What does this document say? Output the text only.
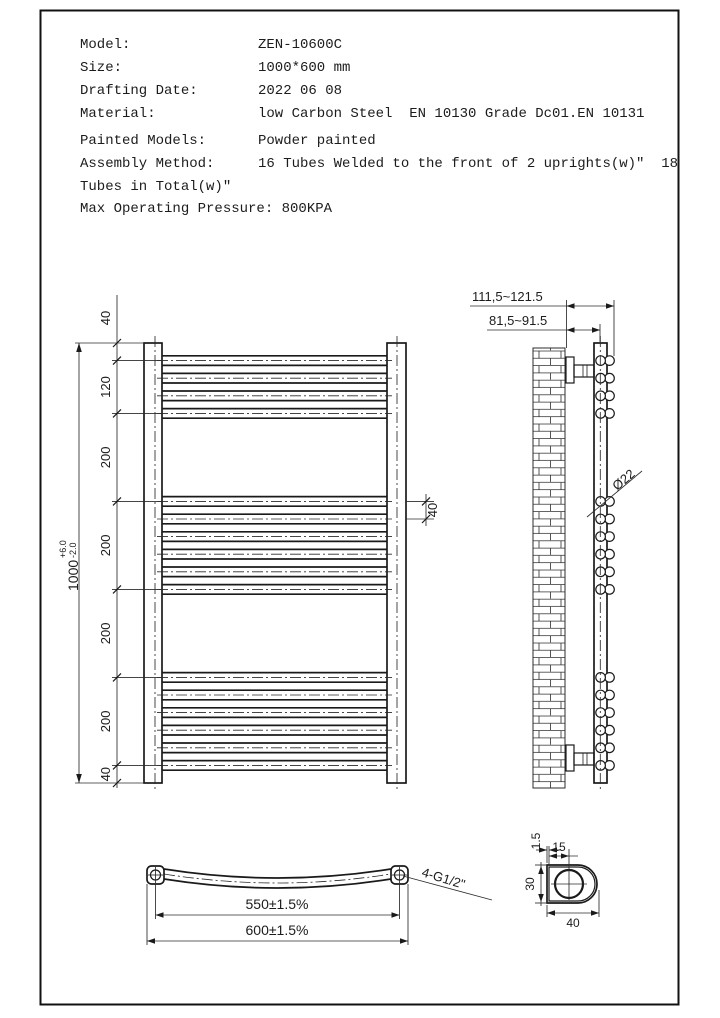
Model:	ZEN-10600C
Size:	1000*600 mm
Drafting Date:	2022 06 08
Material:	low Carbon Steel  EN 10130 Grade Dc01.EN 10131
Painted Models:	Powder painted
Assembly Method:	16 Tubes Welded to the front of 2 uprights(w)"  18
Tubes in Total(w)"
Max Operating Pressure: 800KPA
1000
+6.0 -2.0
40
120
200
200
200
200
40
40
111,5~121.5
81,5~91.5
Ø22
4-G1/2"
550±1.5%
600±1.5%
1.5 15
30
40
